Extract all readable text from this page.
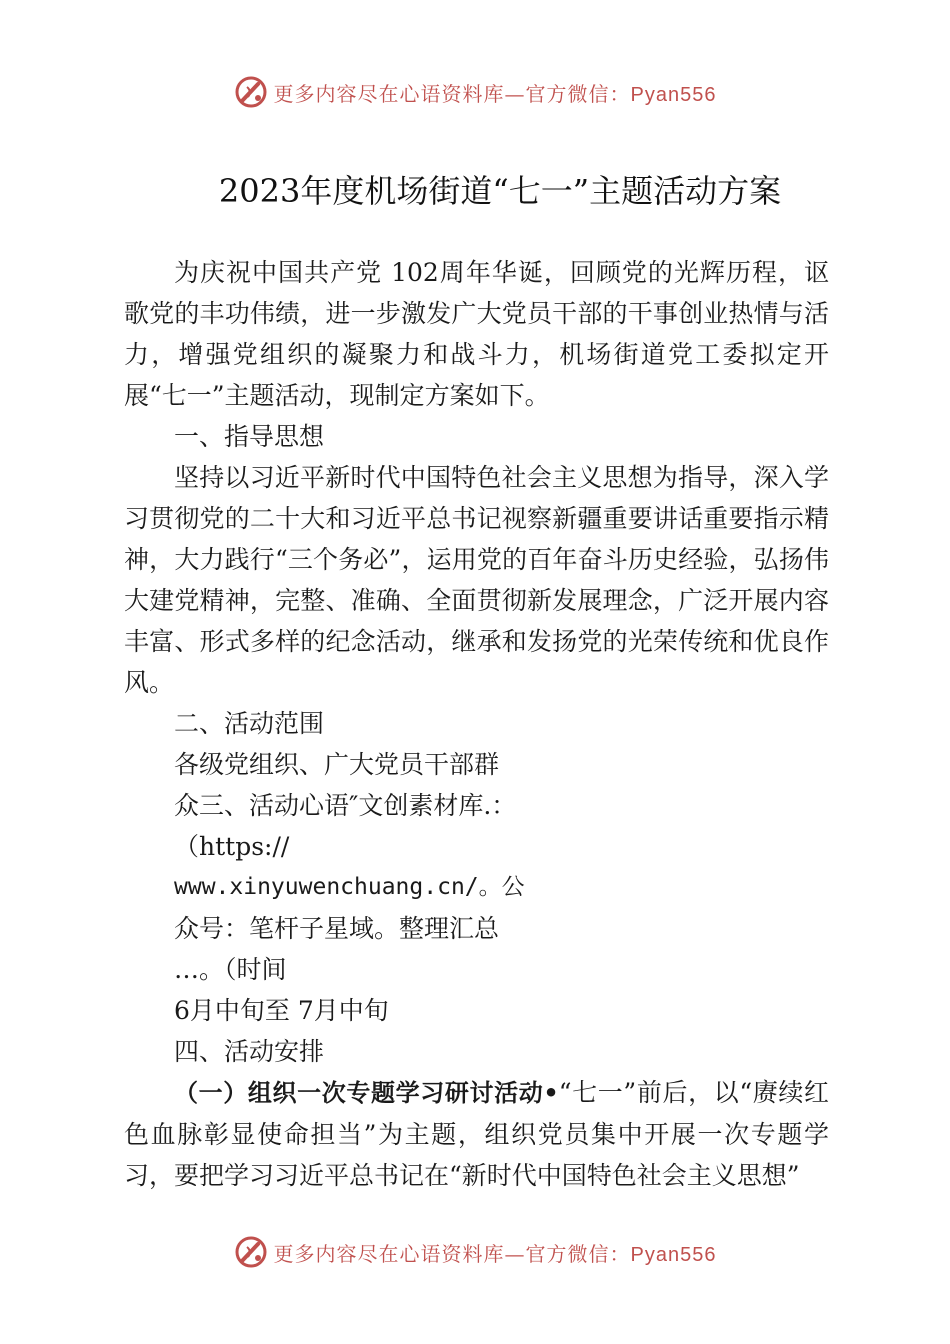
更多内容尽在心语资料库—官方微信：Pyan556
2023年度机场街道“七一”主题活动方案

为庆祝中国共产党 102周年华诞，回顾党的光辉历程，讴歌党的丰功伟绩，进一步激发广大党员干部的干事创业热情与活力，增强党组织的凝聚力和战斗力，机场街道党工委拟定开展“七一”主题活动，现制定方案如下。

一、指导思想

坚持以习近平新时代中国特色社会主义思想为指导，深入学习贯彻党的二十大和习近平总书记视察新疆重要讲话重要指示精神，大力践行“三个务必”，运用党的百年奋斗历史经验，弘扬伟大建党精神，完整、准确、全面贯彻新发展理念，广泛开展内容丰富、形式多样的纪念活动，继承和发扬党的光荣传统和优良作风。

二、活动范围

各级党组织、广大党员干部群

众三、活动心语″文创素材库.：

（https://

www.xinyuwenchuang.cn/。公

众号：笔杆子星域。整理汇总

…。（时间

6月中旬至 7月中旬

四、活动安排

（一）组织一次专题学习研讨活动•“七一”前后，以“赓续红色血脉彰显使命担当”为主题，组织党员集中开展一次专题学习，要把学习习近平总书记在“新时代中国特色社会主义思想”

更多内容尽在心语资料库—官方微信：Pyan556
